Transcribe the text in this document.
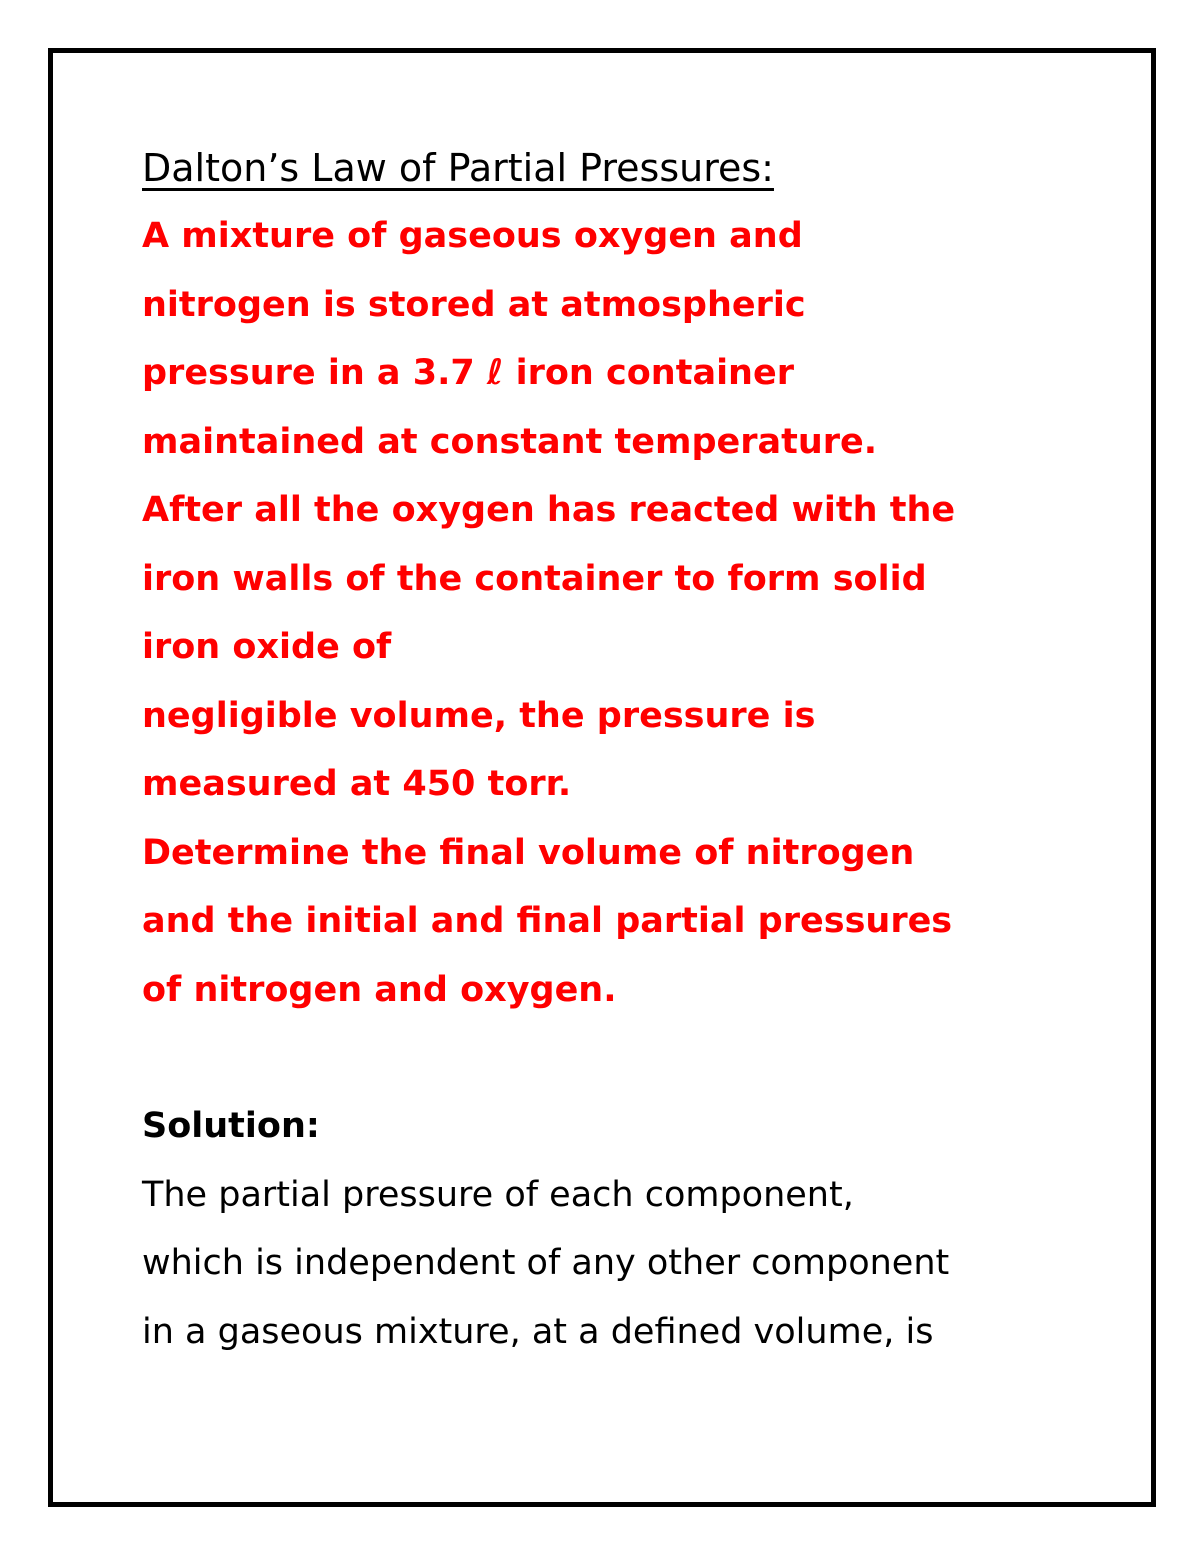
Dalton’s Law of Partial Pressures:
A mixture of gaseous oxygen and
nitrogen is stored at atmospheric
pressure in a 3.7 ℓ iron container
maintained at constant temperature.
After all the oxygen has reacted with the
iron walls of the container to form solid
iron oxide of
negligible volume, the pressure is
measured at 450 torr.
Determine the final volume of nitrogen
and the initial and final partial pressures
of nitrogen and oxygen.
Solution:
The partial pressure of each component,
which is independent of any other component
in a gaseous mixture, at a defined volume, is
